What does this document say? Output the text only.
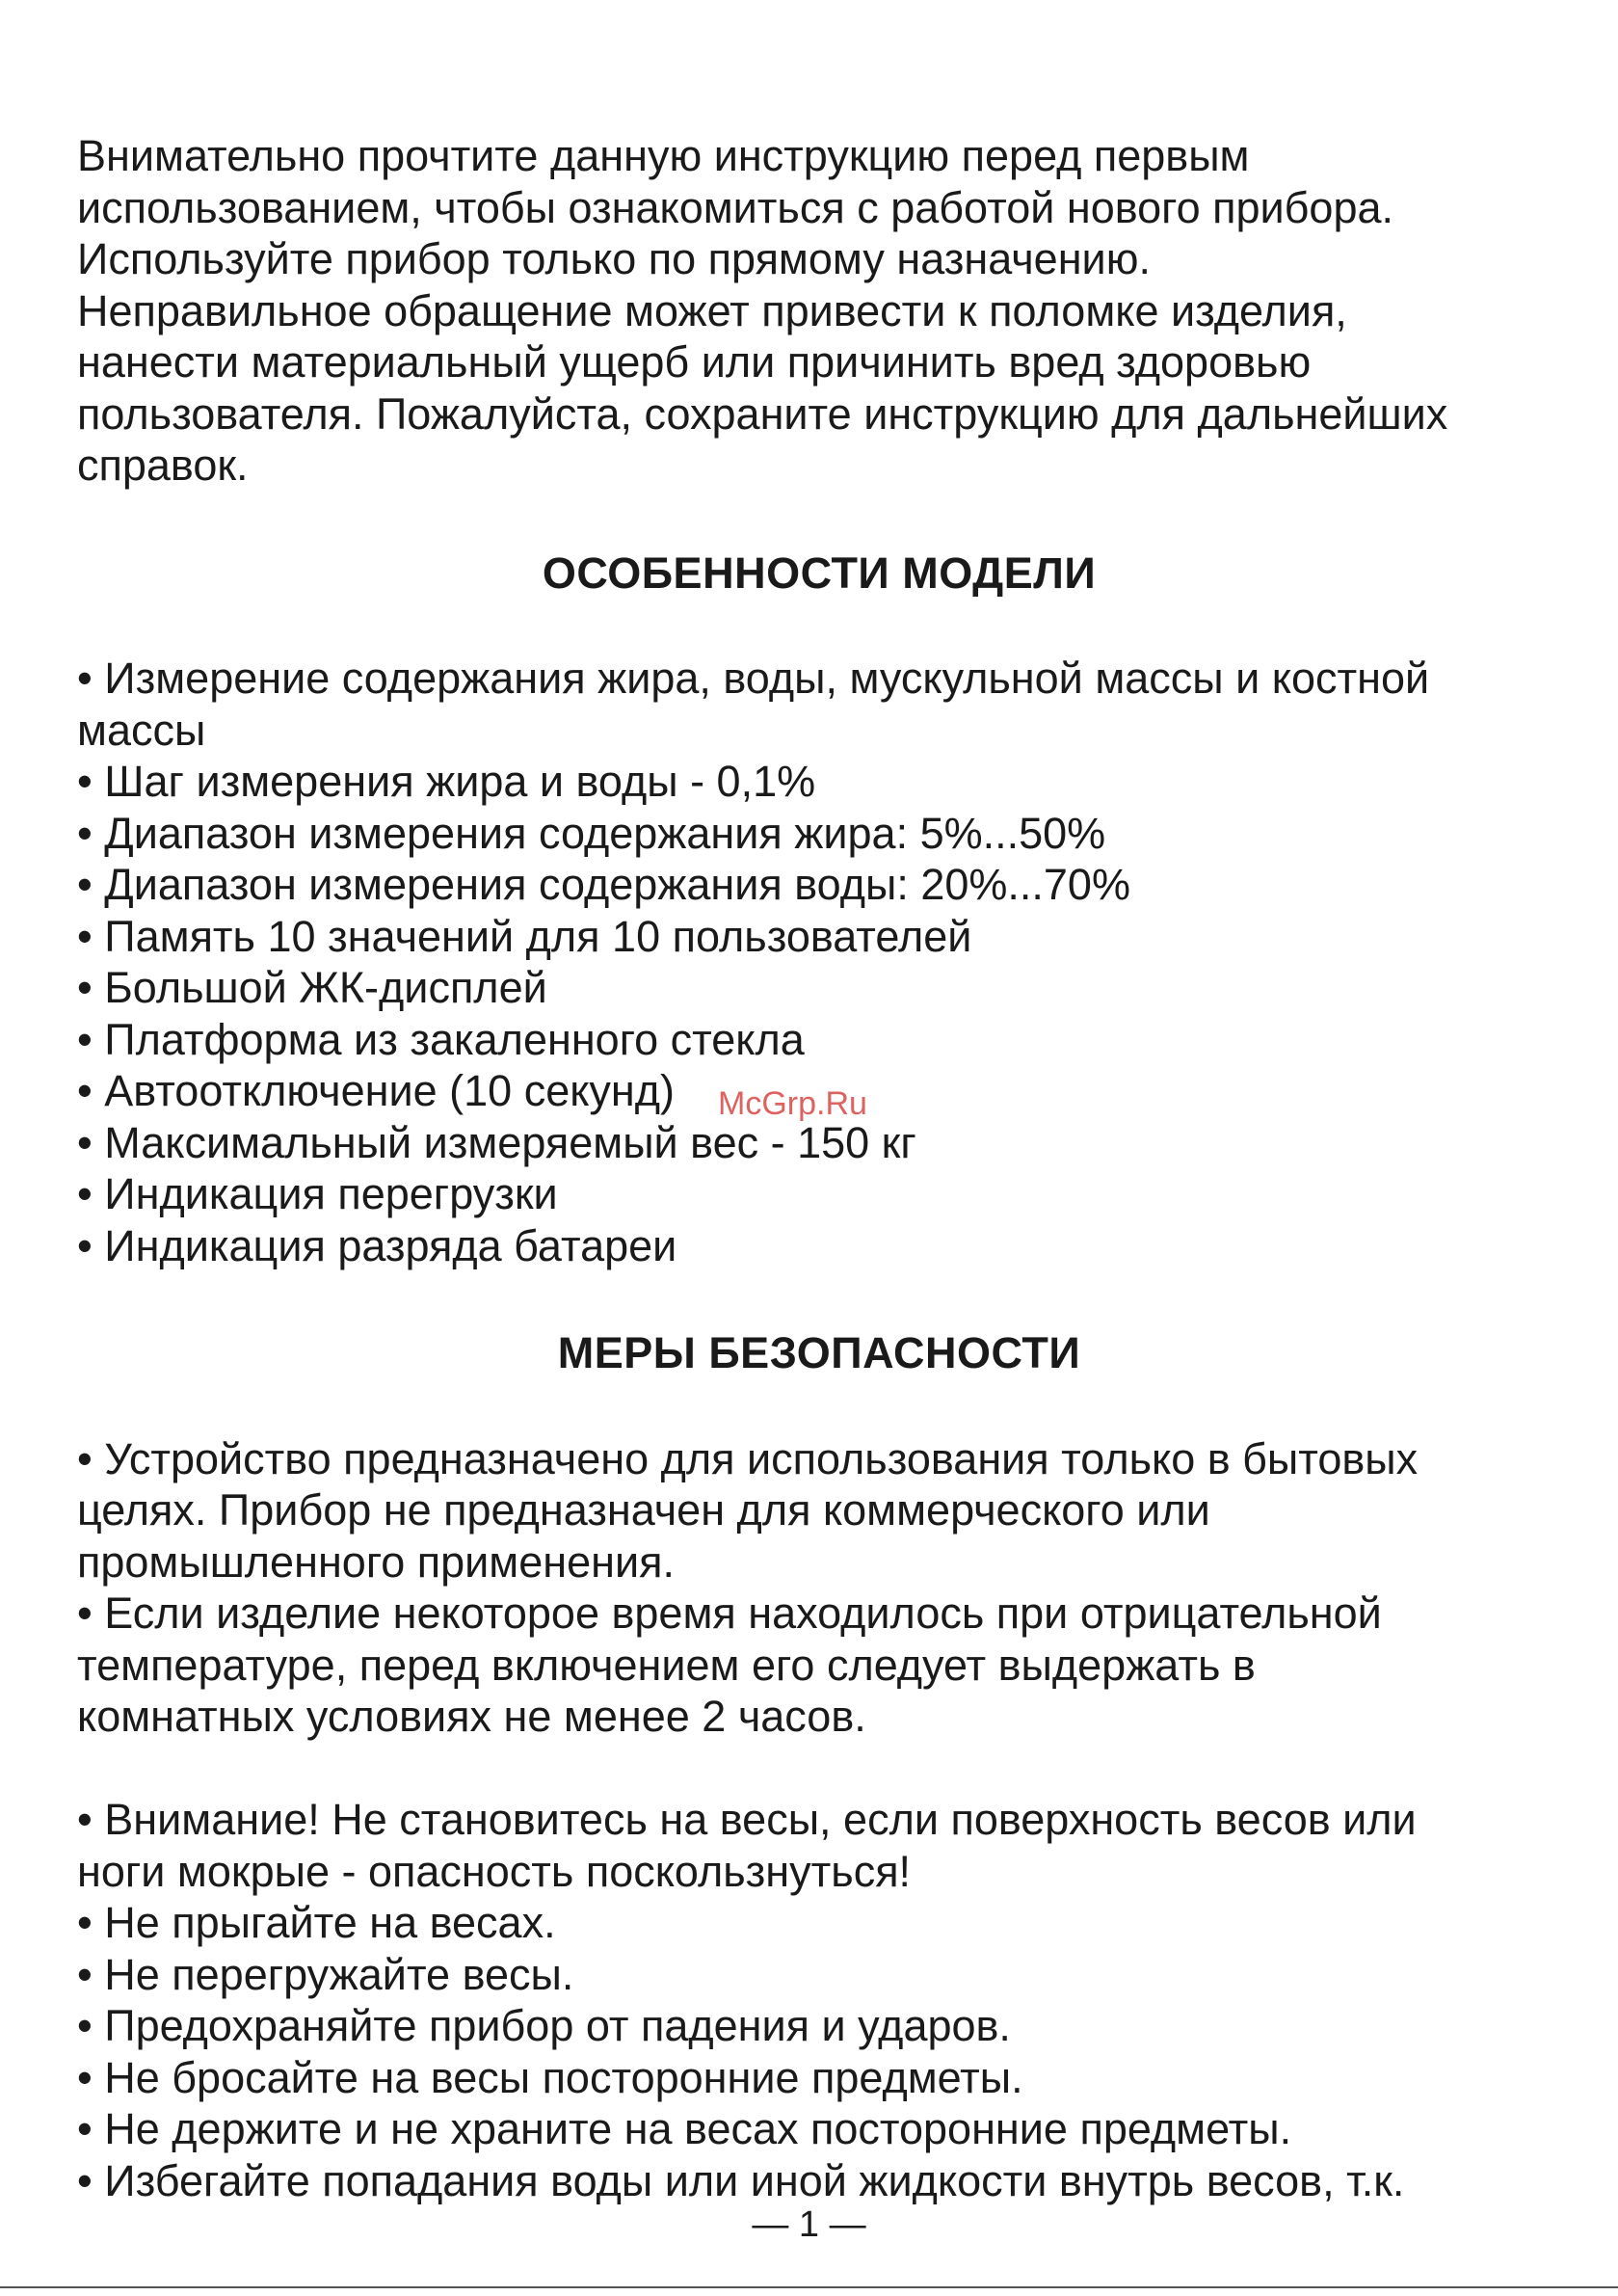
Внимательно прочтите данную инструкцию перед первым
использованием, чтобы ознакомиться с работой нового прибора.
Используйте прибор только по прямому назначению.
Неправильное обращение может привести к поломке изделия,
нанести материальный ущерб или причинить вред здоровью
пользователя. Пожалуйста, сохраните инструкцию для дальнейших
справок.

ОСОБЕННОСТИ МОДЕЛИ
• Измерение содержания жира, воды, мускульной массы и костной
массы
• Шаг измерения жира и воды - 0,1%
• Диапазон измерения содержания жира: 5%...50%
• Диапазон измерения содержания воды: 20%...70%
• Память 10 значений для 10 пользователей
• Большой ЖК-дисплей
• Платформа из закаленного стекла
• Автоотключение (10 секунд)
• Максимальный измеряемый вес - 150 кг
• Индикация перегрузки
• Индикация разряда батареи
МЕРЫ БЕЗОПАСНОСТИ
• Устройство предназначено для использования только в бытовых
целях. Прибор не предназначен для коммерческого или
промышленного применения.
• Если изделие некоторое время находилось при отрицательной
температуре, перед включением его следует выдержать в
комнатных условиях не менее 2 часов.
• Внимание! Не становитесь на весы, если поверхность весов или
ноги мокрые - опасность поскользнуться!
• Не прыгайте на весах.
• Не перегружайте весы.
• Предохраняйте прибор от падения и ударов.
• Не бросайте на весы посторонние предметы.
• Не держите и не храните на весах посторонние предметы.
• Избегайте попадания воды или иной жидкости внутрь весов, т.к.
McGrp.Ru
— 1 —
